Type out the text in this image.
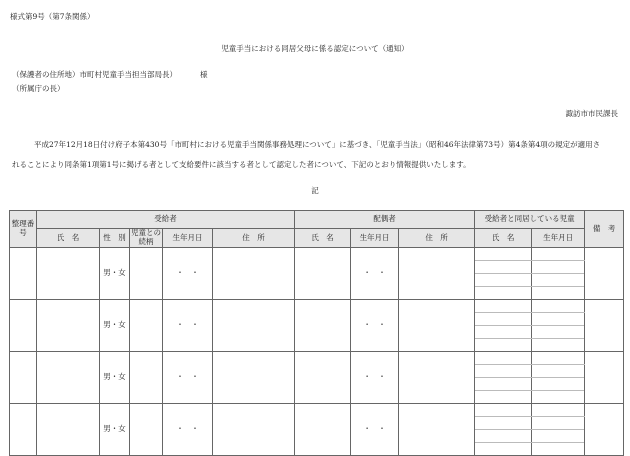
様式第9号（第7条関係）
児童手当における同居父母に係る認定について（通知）
（保護者の住所地）市町村児童手当担当部局長）	様
（所属庁の長）
諏訪市市民課長
平成27年12月18日付け府子本第430号「市町村における児童手当関係事務処理について」に基づき、「児童手当法」（昭和46年法律第73号）第4条第4項の規定が適用さ
れることにより同条第1項第1号に掲げる者として支給要件に該当する者として認定した者について、下記のとおり情報提供いたします。
記
整理番号	受給者					配偶者			受給者と同居している児童		備　考
	氏　名	性　別	児童との続柄	生年月日	住　所	氏　名	生年月日	住　所	氏　名	生年月日	
		男・女		・　・			・　・				

		男・女		・　・			・　・				

		男・女		・　・			・　・				

		男・女		・　・			・　・				
